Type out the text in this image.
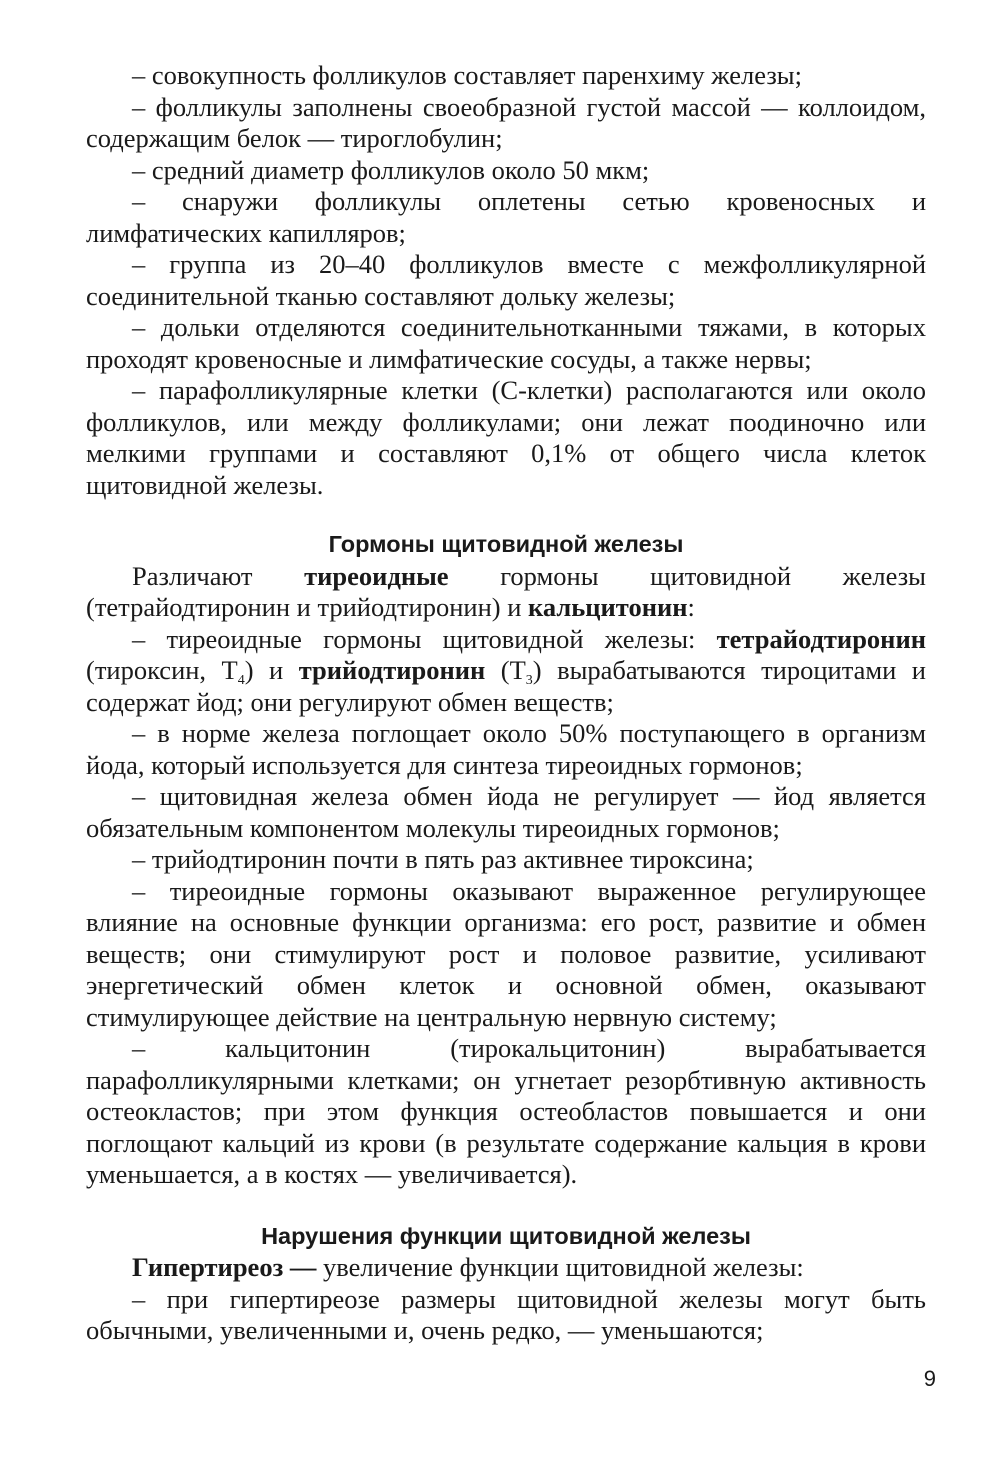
– совокупность фолликулов составляет паренхиму железы;

– фолликулы заполнены своеобразной густой массой — коллоидом, содержащим белок — тироглобулин;

– средний диаметр фолликулов около 50 мкм;

– снаружи фолликулы оплетены сетью кровеносных и лимфатических капилляров;

– группа из 20–40 фолликулов вместе с межфолликулярной соединительной тканью составляют дольку железы;

– дольки отделяются соединительнотканными тяжами, в которых проходят кровеносные и лимфатические сосуды, а также нервы;

– парафолликулярные клетки (С-клетки) располагаются или около фолликулов, или между фолликулами; они лежат поодиночно или мелкими группами и составляют 0,1% от общего числа клеток щитовидной железы.

Гормоны щитовидной железы

Различают тиреоидные гормоны щитовидной железы (тетрайодтиронин и трийодтиронин) и кальцитонин:

– тиреоидные гормоны щитовидной железы: тетрайодтиронин (тироксин, $Т_4$) и трийодтиронин $(Т_3)$ вырабатываются тироцитами и содержат йод; они регулируют обмен веществ;

– в норме железа поглощает около 50% поступающего в организм йода, который используется для синтеза тиреоидных гормонов;

– щитовидная железа обмен йода не регулирует — йод является обязательным компонентом молекулы тиреоидных гормонов;

– трийодтиронин почти в пять раз активнее тироксина;

– тиреоидные гормоны оказывают выраженное регулирующее влияние на основные функции организма: его рост, развитие и обмен веществ; они стимулируют рост и половое развитие, усиливают энергетический обмен клеток и основной обмен, оказывают стимулирующее действие на центральную нервную систему;

– кальцитонин (тирокальцитонин) вырабатывается парафолликулярными клетками; он угнетает резорбтивную активность остеокластов; при этом функция остеобластов повышается и они поглощают кальций из крови (в результате содержание кальция в крови уменьшается, а в костях — увеличивается).

Нарушения функции щитовидной железы

Гипертиреоз — увеличение функции щитовидной железы:

– при гипертиреозе размеры щитовидной железы могут быть обычными, увеличенными и, очень редко, — уменьшаются;

9
